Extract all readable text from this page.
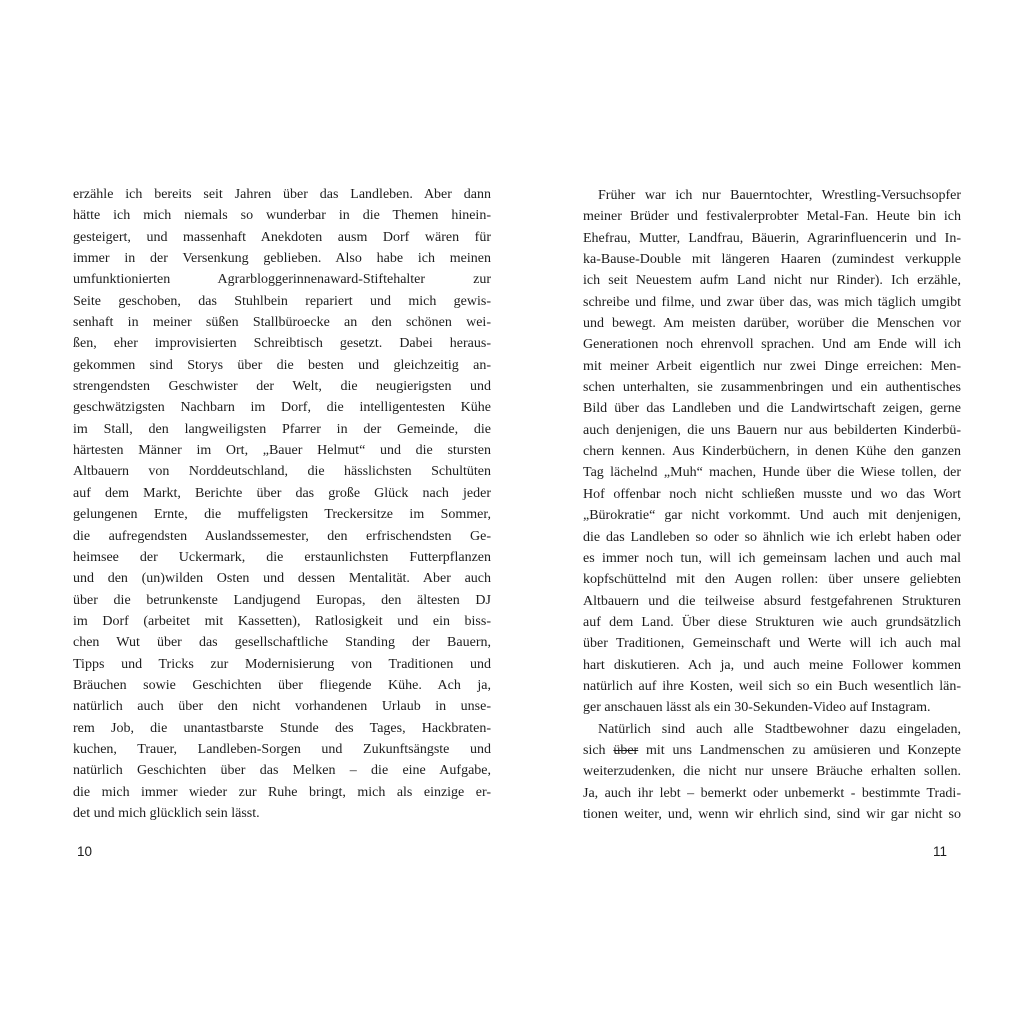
erzähle ich bereits seit Jahren über das Landleben. Aber dann
hätte ich mich niemals so wunderbar in die Themen hinein-
gesteigert, und massenhaft Anekdoten ausm Dorf wären für
immer in der Versenkung geblieben. Also habe ich meinen
umfunktionierten Agrarbloggerinnenaward-Stiftehalter zur
Seite geschoben, das Stuhlbein repariert und mich gewis-
senhaft in meiner süßen Stallbüroecke an den schönen wei-
ßen, eher improvisierten Schreibtisch gesetzt. Dabei heraus-
gekommen sind Storys über die besten und gleichzeitig an-
strengendsten Geschwister der Welt, die neugierigsten und
geschwätzigsten Nachbarn im Dorf, die intelligentesten Kühe
im Stall, den langweiligsten Pfarrer in der Gemeinde, die
härtesten Männer im Ort, „Bauer Helmut“ und die stursten
Altbauern von Norddeutschland, die hässlichsten Schultüten
auf dem Markt, Berichte über das große Glück nach jeder
gelungenen Ernte, die muffeligsten Treckersitze im Sommer,
die aufregendsten Auslandssemester, den erfrischendsten Ge-
heimsee der Uckermark, die erstaunlichsten Futterpflanzen
und den (un)wilden Osten und dessen Mentalität. Aber auch
über die betrunkenste Landjugend Europas, den ältesten DJ
im Dorf (arbeitet mit Kassetten), Ratlosigkeit und ein biss-
chen Wut über das gesellschaftliche Standing der Bauern,
Tipps und Tricks zur Modernisierung von Traditionen und
Bräuchen sowie Geschichten über fliegende Kühe. Ach ja,
natürlich auch über den nicht vorhandenen Urlaub in unse-
rem Job, die unantastbarste Stunde des Tages, Hackbraten-
kuchen, Trauer, Landleben-Sorgen und Zukunftsängste und
natürlich Geschichten über das Melken – die eine Aufgabe,
die mich immer wieder zur Ruhe bringt, mich als einzige er-
det und mich glücklich sein lässt.
Früher war ich nur Bauerntochter, Wrestling-Versuchsopfer
meiner Brüder und festivalerprobter Metal-Fan. Heute bin ich
Ehefrau, Mutter, Landfrau, Bäuerin, Agrarinfluencerin und In-
ka-Bause-Double mit längeren Haaren (zumindest verkupple
ich seit Neuestem aufm Land nicht nur Rinder). Ich erzähle,
schreibe und filme, und zwar über das, was mich täglich umgibt
und bewegt. Am meisten darüber, worüber die Menschen vor
Generationen noch ehrenvoll sprachen. Und am Ende will ich
mit meiner Arbeit eigentlich nur zwei Dinge erreichen: Men-
schen unterhalten, sie zusammenbringen und ein authentisches
Bild über das Landleben und die Landwirtschaft zeigen, gerne
auch denjenigen, die uns Bauern nur aus bebilderten Kinderbü-
chern kennen. Aus Kinderbüchern, in denen Kühe den ganzen
Tag lächelnd „Muh“ machen, Hunde über die Wiese tollen, der
Hof offenbar noch nicht schließen musste und wo das Wort
„Bürokratie“ gar nicht vorkommt. Und auch mit denjenigen,
die das Landleben so oder so ähnlich wie ich erlebt haben oder
es immer noch tun, will ich gemeinsam lachen und auch mal
kopfschüttelnd mit den Augen rollen: über unsere geliebten
Altbauern und die teilweise absurd festgefahrenen Strukturen
auf dem Land. Über diese Strukturen wie auch grundsätzlich
über Traditionen, Gemeinschaft und Werte will ich auch mal
hart diskutieren. Ach ja, und auch meine Follower kommen
natürlich auf ihre Kosten, weil sich so ein Buch wesentlich län-
ger anschauen lässt als ein 30-Sekunden-Video auf Instagram.
Natürlich sind auch alle Stadtbewohner dazu eingeladen,
sich über mit uns Landmenschen zu amüsieren und Konzepte
weiterzudenken, die nicht nur unsere Bräuche erhalten sollen.
Ja, auch ihr lebt – bemerkt oder unbemerkt - bestimmte Tradi-
tionen weiter, und, wenn wir ehrlich sind, sind wir gar nicht so
10	11
